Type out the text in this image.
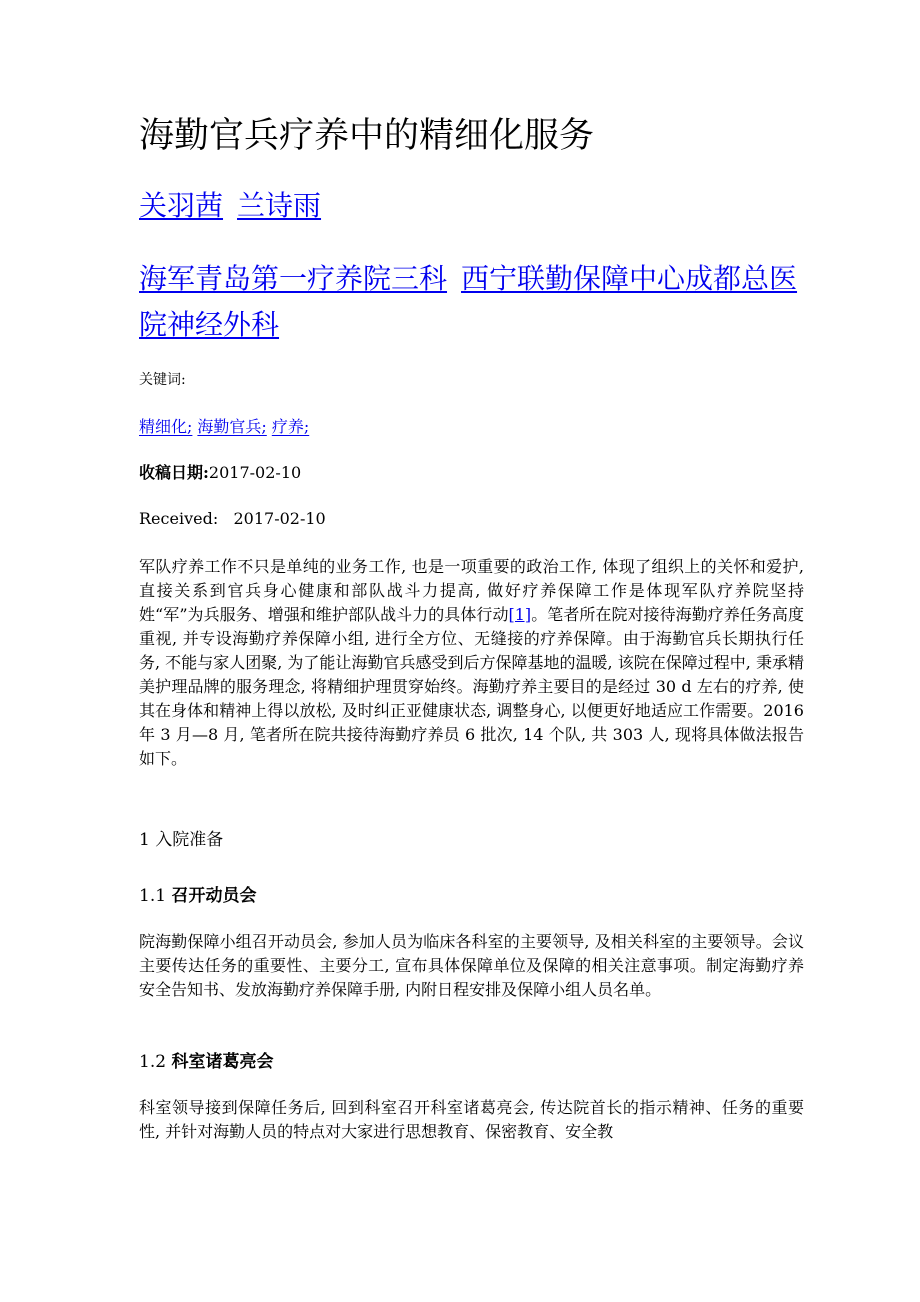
海勤官兵疗养中的精细化服务
关羽茜 兰诗雨
海军青岛第一疗养院三科 西宁联勤保障中心成都总医院神经外科
关键词:
精细化; 海勤官兵; 疗养;
收稿日期:2017-02-10
Received: 2017-02-10

军队疗养工作不只是单纯的业务工作, 也是一项重要的政治工作, 体现了组织上的关怀和爱护, 直接关系到官兵身心健康和部队战斗力提高, 做好疗养保障工作是体现军队疗养院坚持姓“军”为兵服务、增强和维护部队战斗力的具体行动[1]。笔者所在院对接待海勤疗养任务高度重视, 并专设海勤疗养保障小组, 进行全方位、无缝接的疗养保障。由于海勤官兵长期执行任务, 不能与家人团聚, 为了能让海勤官兵感受到后方保障基地的温暖, 该院在保障过程中, 秉承精美护理品牌的服务理念, 将精细护理贯穿始终。海勤疗养主要目的是经过 30 d 左右的疗养, 使其在身体和精神上得以放松, 及时纠正亚健康状态, 调整身心, 以便更好地适应工作需要。2016 年 3 月—8 月, 笔者所在院共接待海勤疗养员 6 批次, 14 个队, 共 303 人, 现将具体做法报告如下。

1 入院准备
1.1 召开动员会

院海勤保障小组召开动员会, 参加人员为临床各科室的主要领导, 及相关科室的主要领导。会议主要传达任务的重要性、主要分工, 宣布具体保障单位及保障的相关注意事项。制定海勤疗养安全告知书、发放海勤疗养保障手册, 内附日程安排及保障小组人员名单。

1.2 科室诸葛亮会

科室领导接到保障任务后, 回到科室召开科室诸葛亮会, 传达院首长的指示精神、任务的重要性, 并针对海勤人员的特点对大家进行思想教育、保密教育、安全教
